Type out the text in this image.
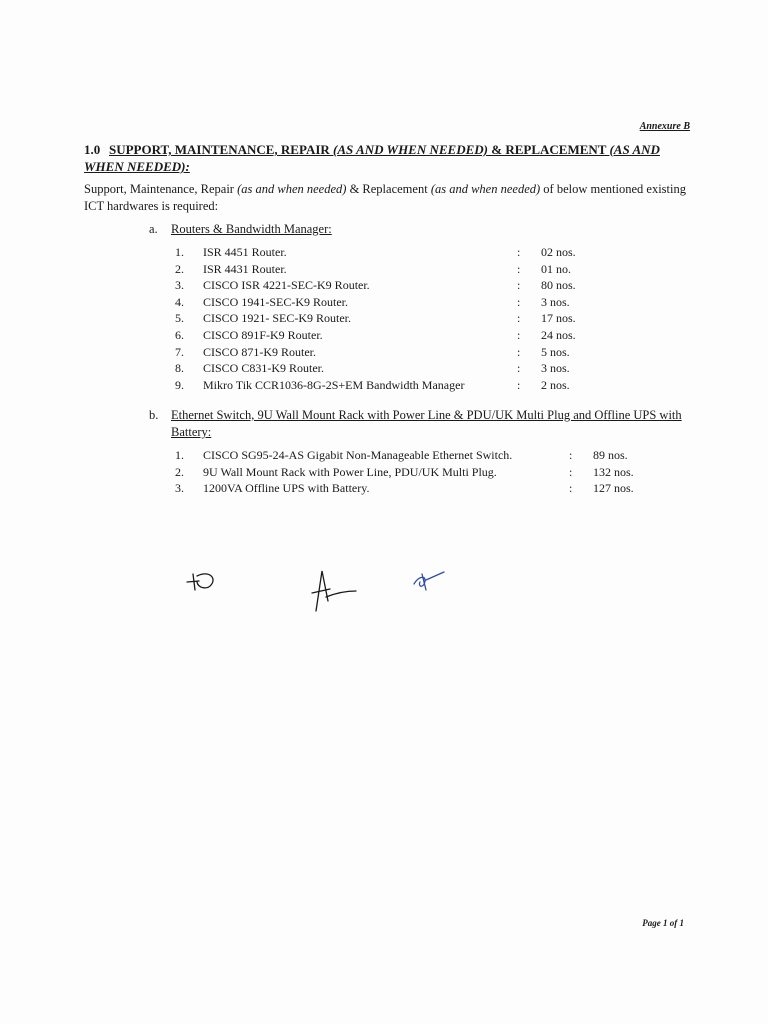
Annexure B
1.0 SUPPORT, MAINTENANCE, REPAIR (AS AND WHEN NEEDED) & REPLACEMENT (AS AND WHEN NEEDED):
Support, Maintenance, Repair (as and when needed) & Replacement (as and when needed) of below mentioned existing ICT hardwares is required:
a. Routers & Bandwidth Manager:
1.	ISR 4451 Router.	:	02 nos.
2.	ISR 4431 Router.	:	01 no.
3.	CISCO ISR 4221-SEC-K9 Router.	:	80 nos.
4.	CISCO 1941-SEC-K9 Router.	:	3 nos.
5.	CISCO 1921- SEC-K9 Router.	:	17 nos.
6.	CISCO 891F-K9 Router.	:	24 nos.
7.	CISCO 871-K9 Router.	:	5 nos.
8.	CISCO C831-K9 Router.	:	3 nos.
9.	Mikro Tik CCR1036-8G-2S+EM Bandwidth Manager	:	2 nos.
b. Ethernet Switch, 9U Wall Mount Rack with Power Line & PDU/UK Multi Plug and Offline UPS with Battery:
1.	CISCO SG95-24-AS Gigabit Non-Manageable Ethernet Switch.	:	89 nos.
2.	9U Wall Mount Rack with Power Line, PDU/UK Multi Plug.	:	132 nos.
3.	1200VA Offline UPS with Battery.	:	127 nos.
Page 1 of 1
